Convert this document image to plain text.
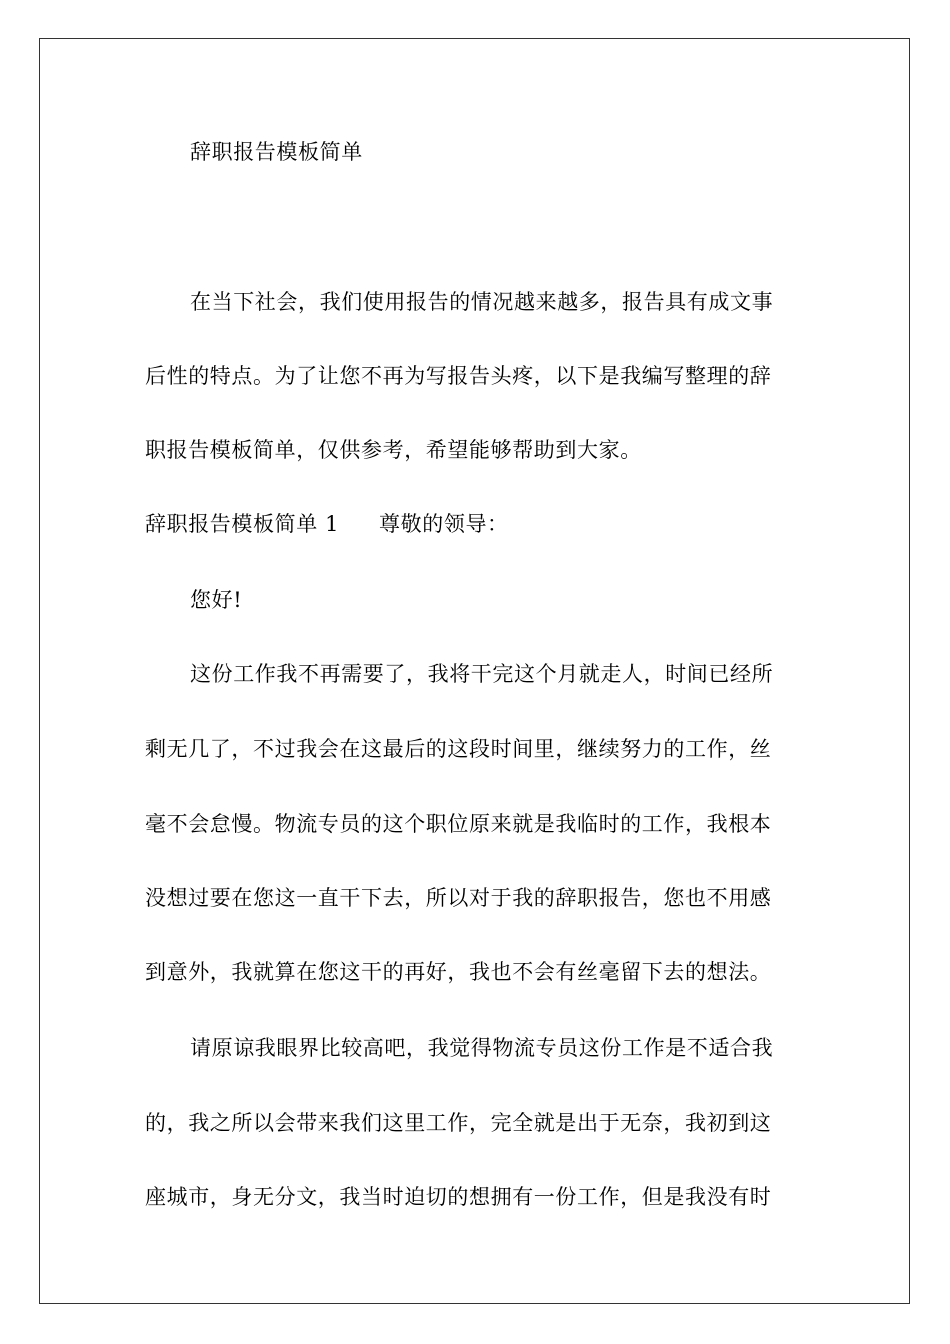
辞职报告模板简单
在当下社会，我们使用报告的情况越来越多，报告具有成文事
后性的特点。为了让您不再为写报告头疼，以下是我编写整理的辞
职报告模板简单，仅供参考，希望能够帮助到大家。
辞职报告模板简单 1 尊敬的领导：
您好!
这份工作我不再需要了，我将干完这个月就走人，时间已经所
剩无几了，不过我会在这最后的这段时间里，继续努力的工作，丝
毫不会怠慢。物流专员的这个职位原来就是我临时的工作，我根本
没想过要在您这一直干下去，所以对于我的辞职报告，您也不用感
到意外，我就算在您这干的再好，我也不会有丝毫留下去的想法。
请原谅我眼界比较高吧，我觉得物流专员这份工作是不适合我
的，我之所以会带来我们这里工作，完全就是出于无奈，我初到这
座城市，身无分文，我当时迫切的想拥有一份工作，但是我没有时
